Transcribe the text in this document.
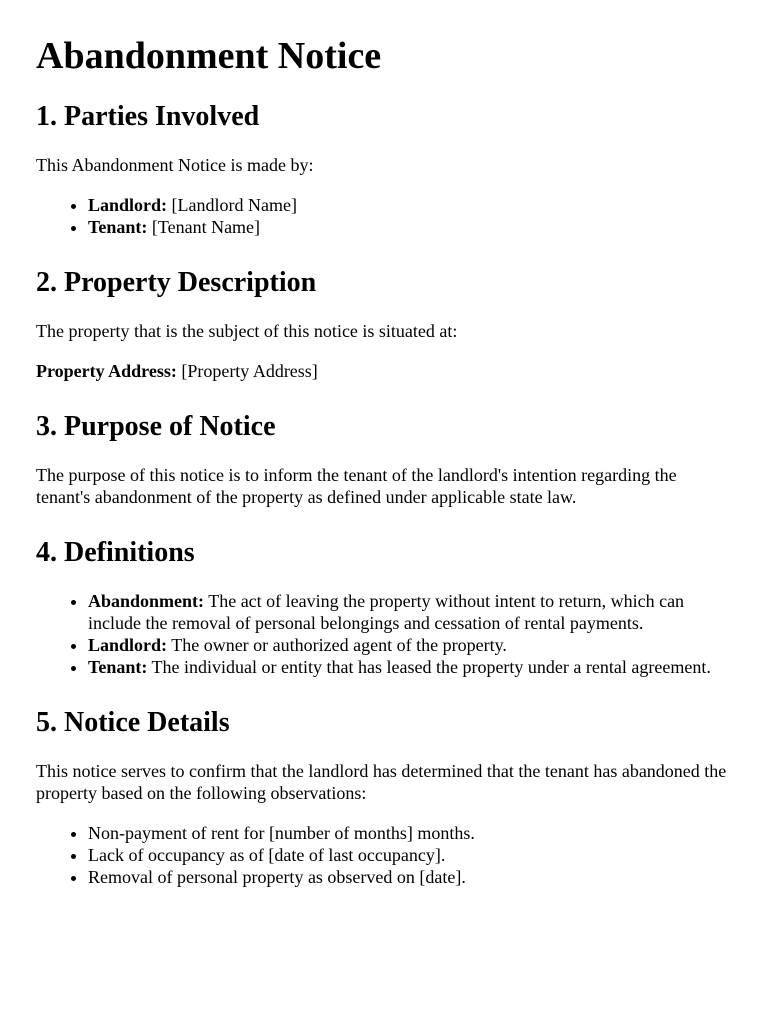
Abandonment Notice
1. Parties Involved

This Abandonment Notice is made by:

• Landlord: [Landlord Name]
• Tenant: [Tenant Name]
2. Property Description

The property that is the subject of this notice is situated at:

Property Address: [Property Address]

3. Purpose of Notice

The purpose of this notice is to inform the tenant of the landlord's intention regarding the tenant's abandonment of the property as defined under applicable state law.

4. Definitions
• Abandonment: The act of leaving the property without intent to return, which can include the removal of personal belongings and cessation of rental payments.
• Landlord: The owner or authorized agent of the property.
• Tenant: The individual or entity that has leased the property under a rental agreement.
5. Notice Details

This notice serves to confirm that the landlord has determined that the tenant has abandoned the property based on the following observations:

• Non-payment of rent for [number of months] months.
• Lack of occupancy as of [date of last occupancy].
• Removal of personal property as observed on [date].
